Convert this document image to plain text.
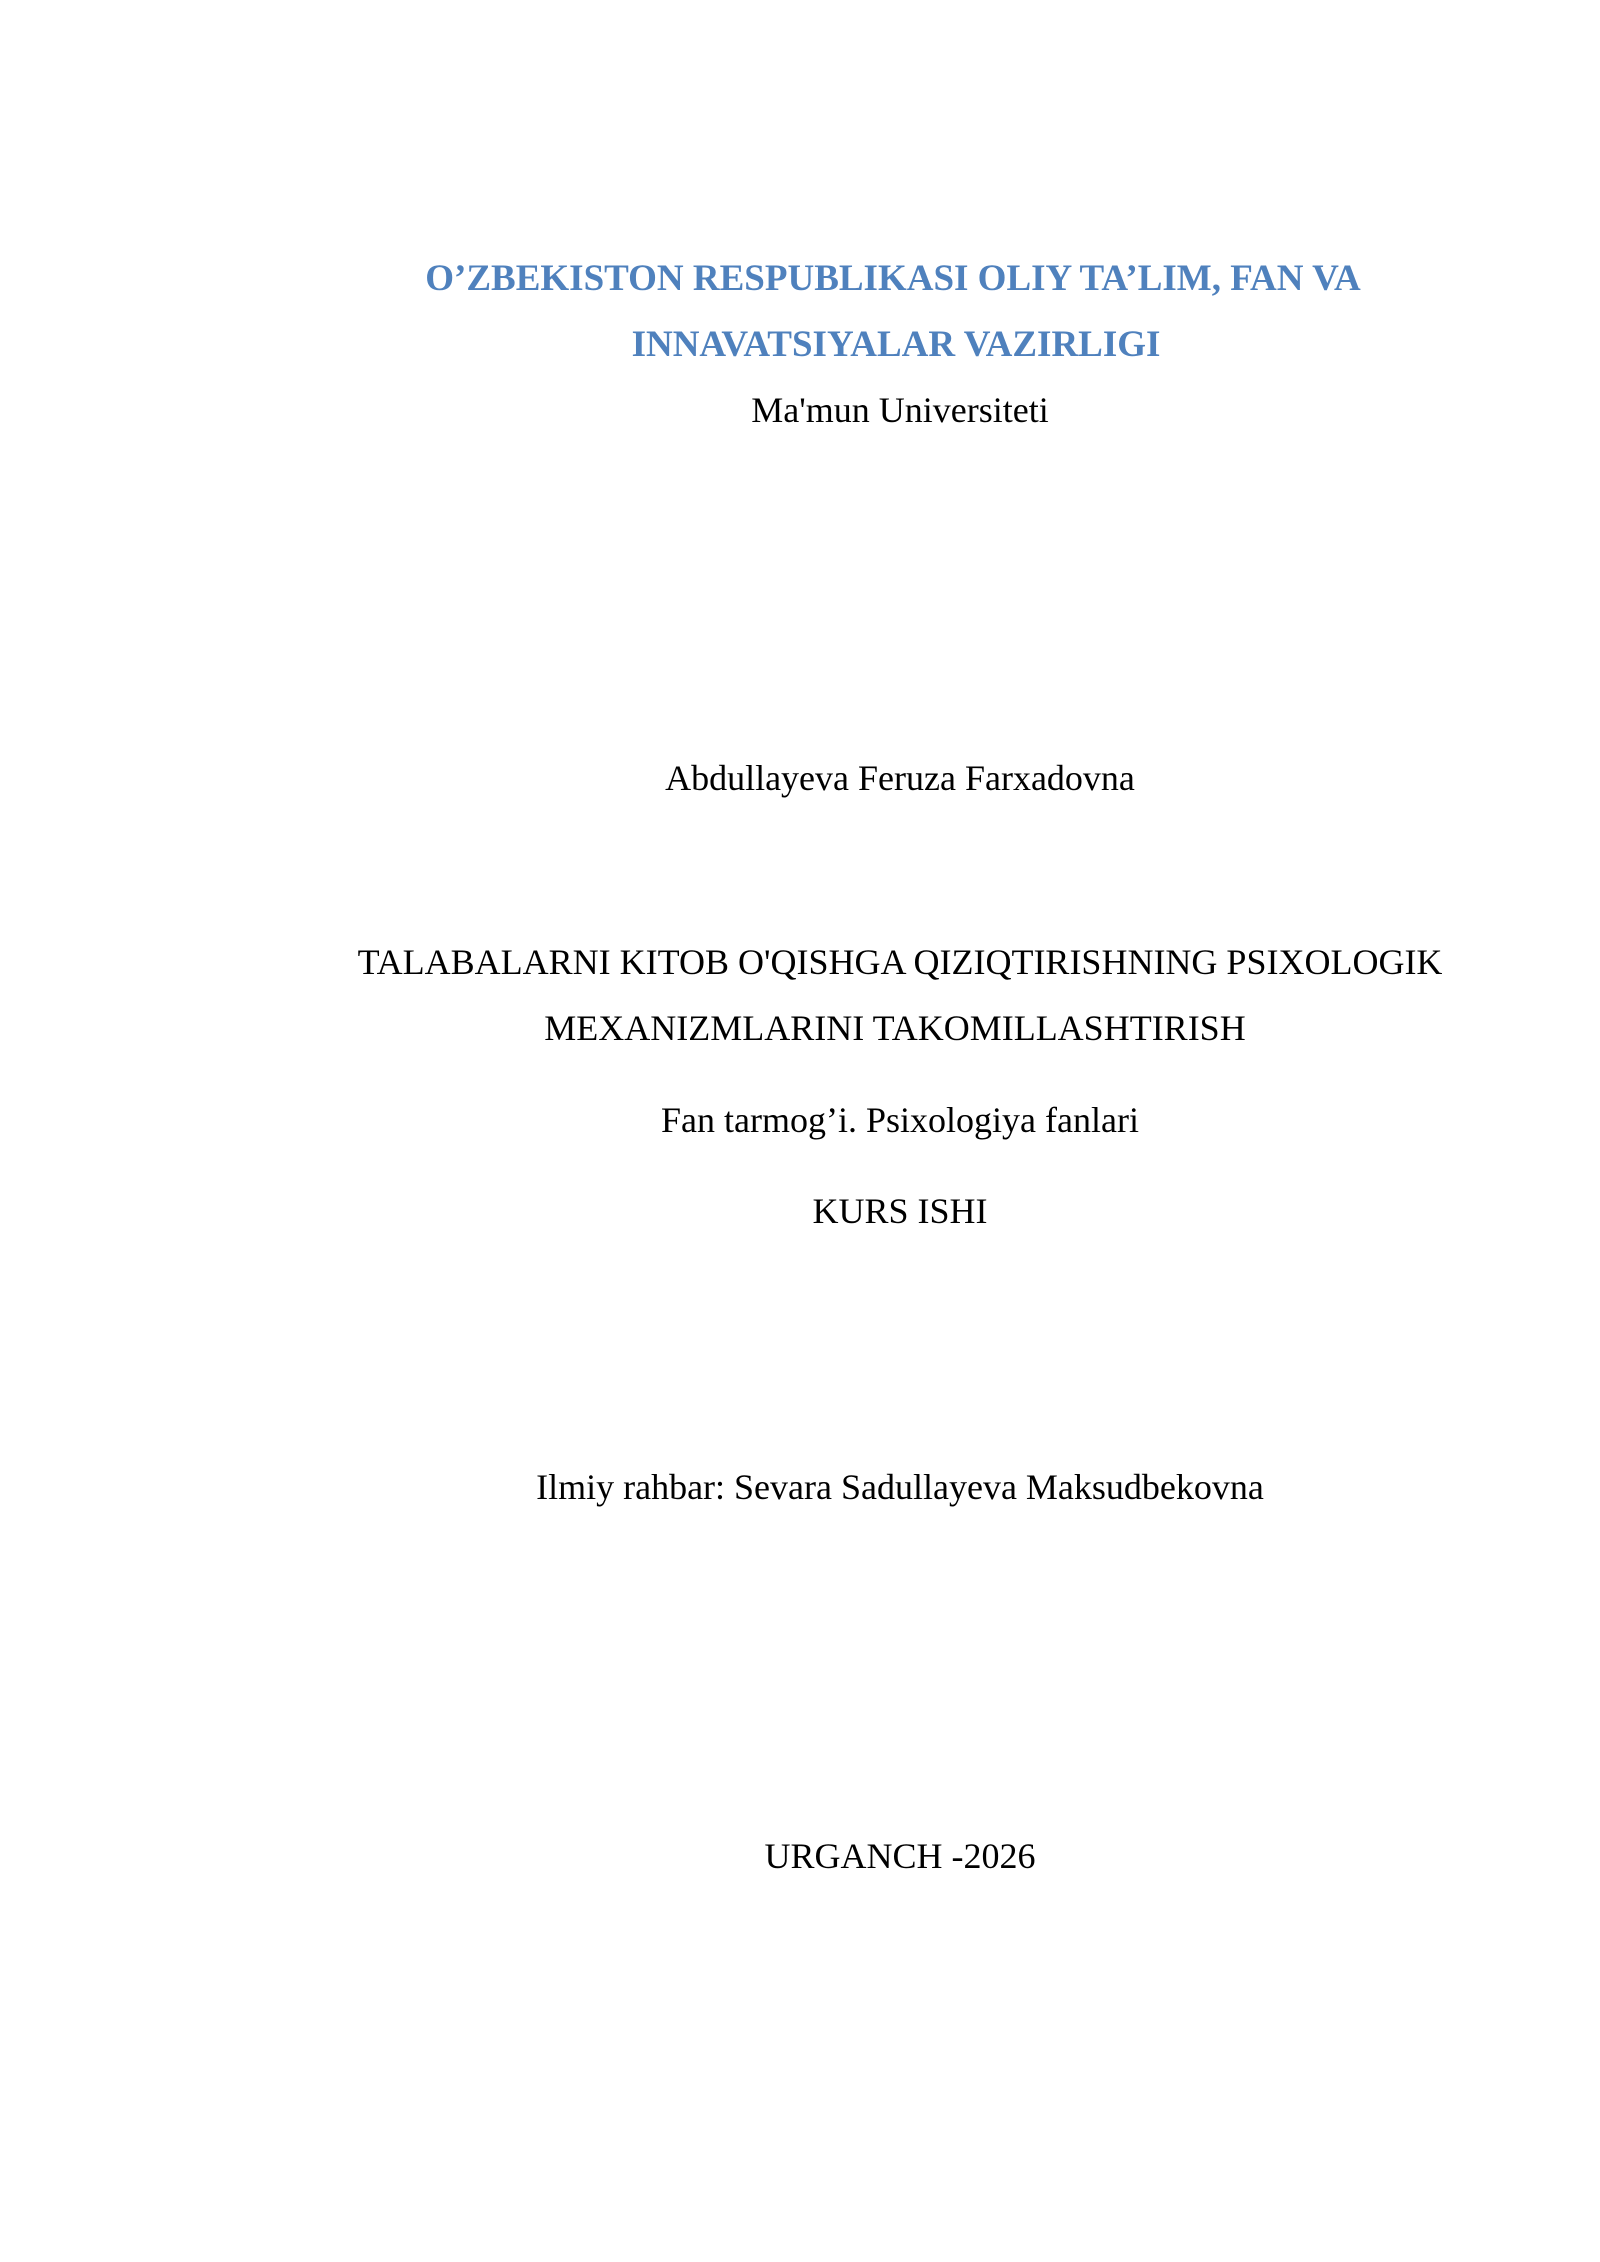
O’ZBEKISTON RESPUBLIKASI OLIY TA’LIM, FAN VA
INNAVATSIYALAR VAZIRLIGI
Ma'mun Universiteti
Abdullayeva Feruza Farxadovna
TALABALARNI KITOB O'QISHGA QIZIQTIRISHNING PSIXOLOGIK
MEXANIZMLARINI TAKOMILLASHTIRISH
Fan tarmog’i. Psixologiya fanlari
KURS ISHI
Ilmiy rahbar: Sevara Sadullayeva Maksudbekovna
URGANCH -2026
